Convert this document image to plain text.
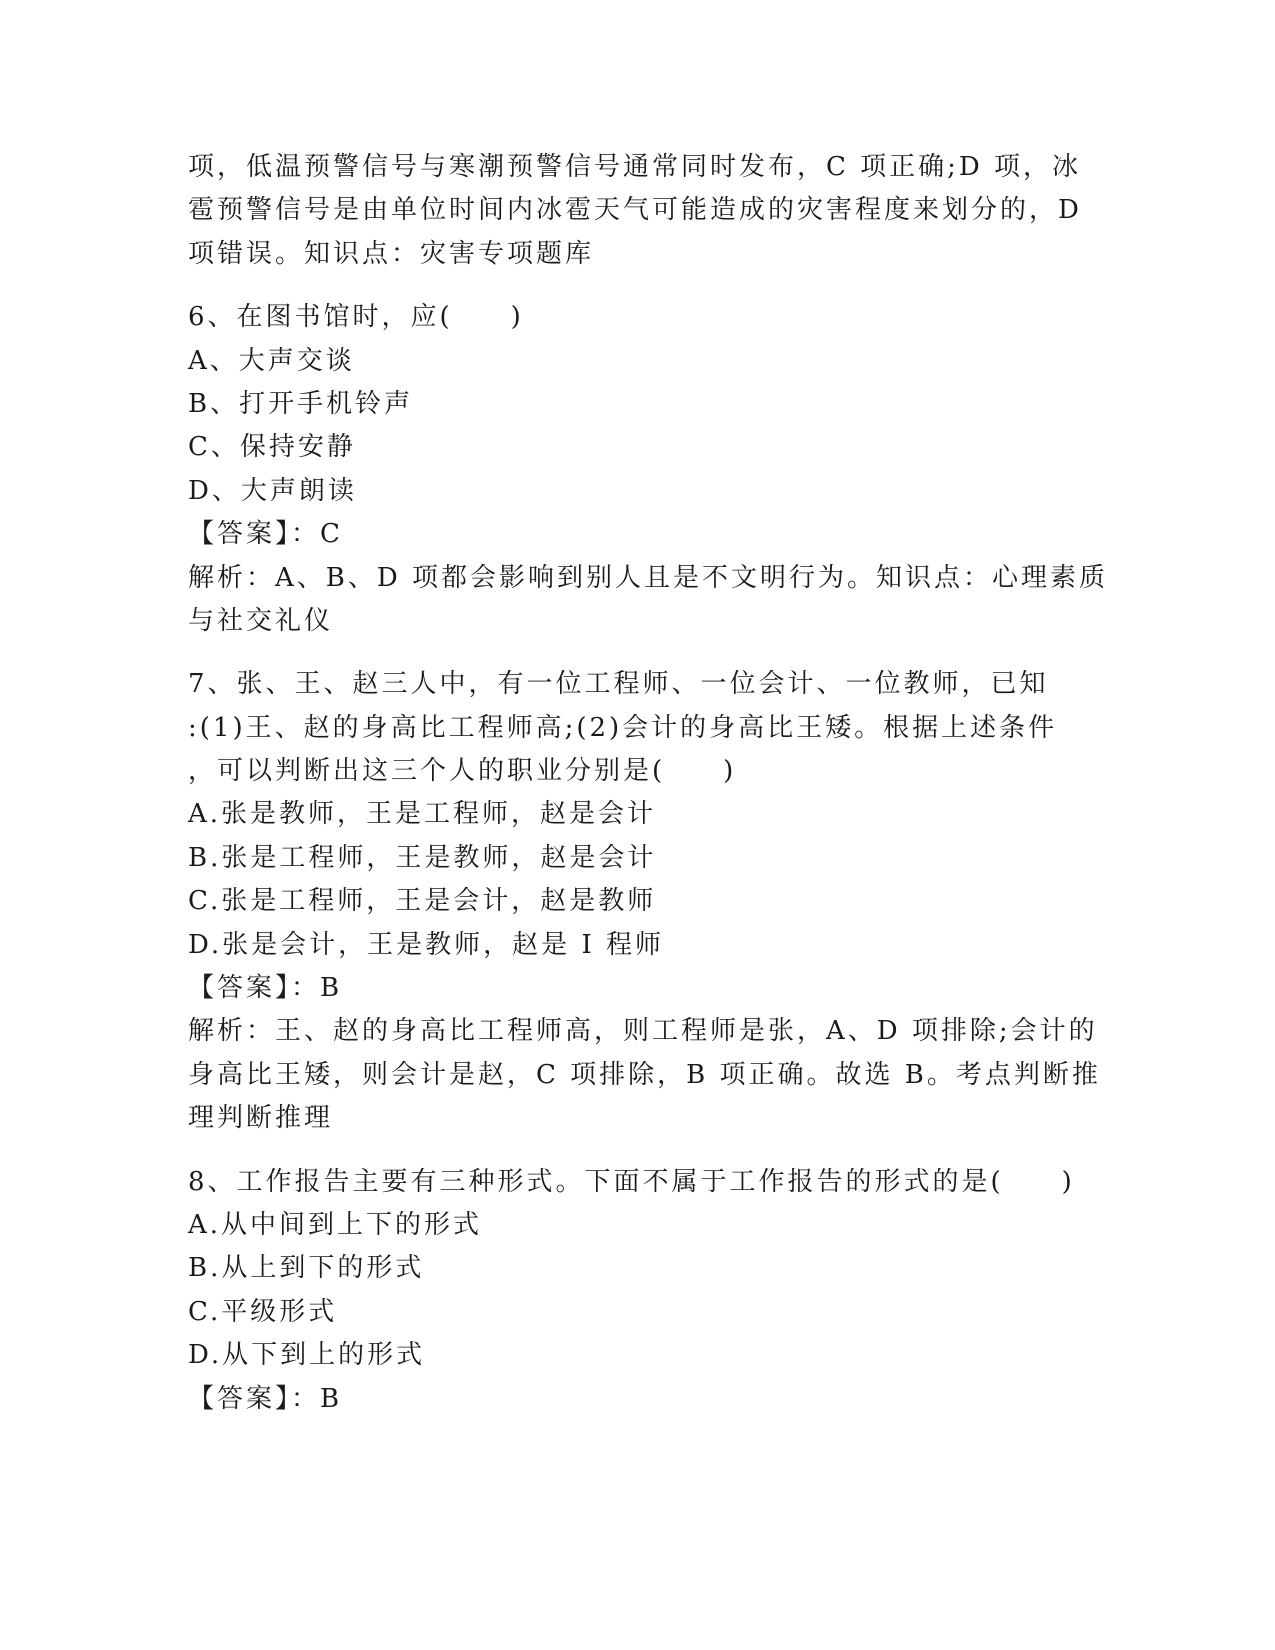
项，低温预警信号与寒潮预警信号通常同时发布，C 项正确;D 项，冰
雹预警信号是由单位时间内冰雹天气可能造成的灾害程度来划分的，D
项错误。知识点：灾害专项题库
6、在图书馆时，应(　　)
A、大声交谈
B、打开手机铃声
C、保持安静
D、大声朗读
【答案】：C
解析：A、B、D 项都会影响到别人且是不文明行为。知识点：心理素质
与社交礼仪
7、张、王、赵三人中，有一位工程师、一位会计、一位教师，已知
:(1)王、赵的身高比工程师高;(2)会计的身高比王矮。根据上述条件
，可以判断出这三个人的职业分别是(　　)
A.张是教师，王是工程师，赵是会计
B.张是工程师，王是教师，赵是会计
C.张是工程师，王是会计，赵是教师
D.张是会计，王是教师，赵是 I 程师
【答案】：B
解析：王、赵的身高比工程师高，则工程师是张，A、D 项排除;会计的
身高比王矮，则会计是赵，C 项排除，B 项正确。故选 B。考点判断推
理判断推理
8、工作报告主要有三种形式。下面不属于工作报告的形式的是(　　)
A.从中间到上下的形式
B.从上到下的形式
C.平级形式
D.从下到上的形式
【答案】：B
